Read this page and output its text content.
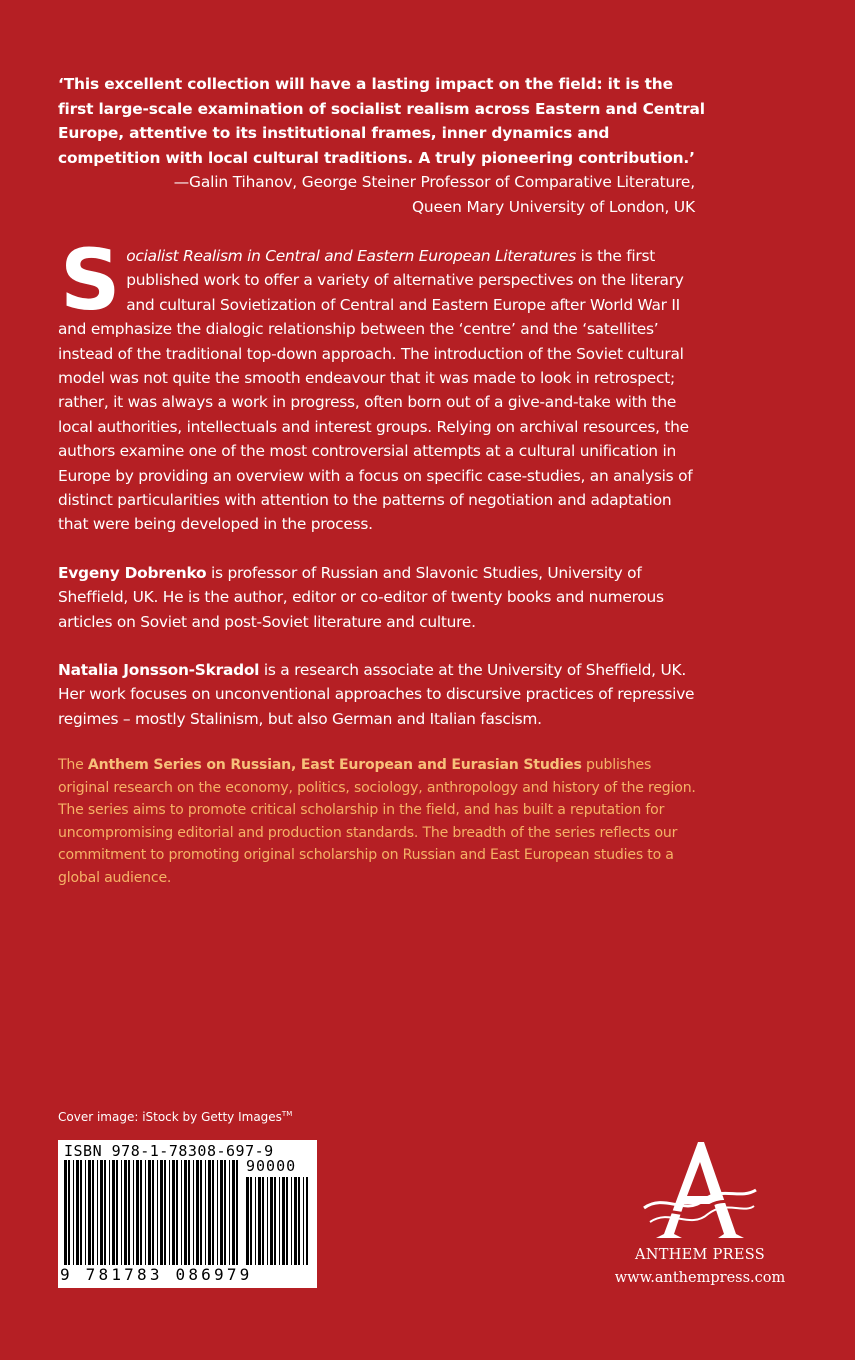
‘This excellent collection will have a lasting impact on the field: it is the first large-scale examination of socialist realism across Eastern and Central Europe, attentive to its institutional frames, inner dynamics and competition with local cultural traditions. A truly pioneering contribution.’
—Galin Tihanov, George Steiner Professor of Comparative Literature,
Queen Mary University of London, UK
Socialist Realism in Central and Eastern European Literatures is the first published work to offer a variety of alternative perspectives on the literary and cultural Sovietization of Central and Eastern Europe after World War II and emphasize the dialogic relationship between the ‘centre’ and the ‘satellites’ instead of the traditional top-down approach. The introduction of the Soviet cultural model was not quite the smooth endeavour that it was made to look in retrospect; rather, it was always a work in progress, often born out of a give-and-take with the local authorities, intellectuals and interest groups. Relying on archival resources, the authors examine one of the most controversial attempts at a cultural unification in Europe by providing an overview with a focus on specific case-studies, an analysis of distinct particularities with attention to the patterns of negotiation and adaptation that were being developed in the process.
Evgeny Dobrenko is professor of Russian and Slavonic Studies, University of Sheffield, UK. He is the author, editor or co-editor of twenty books and numerous articles on Soviet and post-Soviet literature and culture.
Natalia Jonsson-Skradol is a research associate at the University of Sheffield, UK. Her work focuses on unconventional approaches to discursive practices of repressive regimes – mostly Stalinism, but also German and Italian fascism.
The Anthem Series on Russian, East European and Eurasian Studies publishes original research on the economy, politics, sociology, anthropology and history of the region. The series aims to promote critical scholarship in the field, and has built a reputation for uncompromising editorial and production standards. The breadth of the series reflects our commitment to promoting original scholarship on Russian and East European studies to a global audience.
Cover image: iStock by Getty Images™
ISBN 978-1-78308-697-9
90000
9 781783 086979
ANTHEM PRESS
www.anthempress.com
